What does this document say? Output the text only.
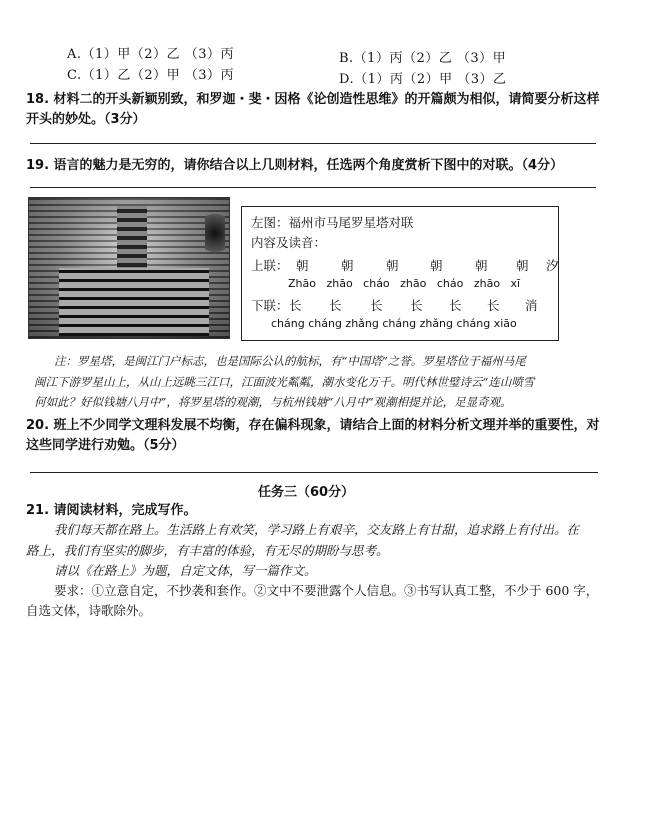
A.（1）甲（2）乙 （3）丙	B.（1）丙（2）乙 （3）甲
C.（1）乙（2）甲 （3）丙	D.（1）丙（2）甲 （3）乙
18. 材料二的开头新颖别致，和罗迦・斐・因格《论创造性思维》的开篇颇为相似，请简要分析这样
开头的妙处。（3分）
19. 语言的魅力是无穷的，请你结合以上几则材料，任选两个角度赏析下图中的对联。（4分）
左图：福州市马尾罗星塔对联
内容及读音：
上联： 朝	朝	朝	朝	朝 朝 汐
Zhāo   zhāo   cháo   zhāo   cháo   zhāo   xī
下联： 长 长 长 长 长 长 消
cháng cháng zhǎng cháng zhǎng cháng xiāo
注：罗星塔，是闽江门户标志，也是国际公认的航标，有“中国塔”之誉。罗星塔位于福州马尾
闽江下游罗星山上，从山上远眺三江口，江面波光粼粼，潮水变化万千。明代林世璧诗云“连山喷雪
何如此？好似钱塘八月中”，将罗星塔的观潮，与杭州钱塘“八月中”观潮相提并论，足显奇观。
20. 班上不少同学文理科发展不均衡，存在偏科现象，请结合上面的材料分析文理并举的重要性，对
这些同学进行劝勉。（5分）
任务三（60分）
21. 请阅读材料，完成写作。
我们每天都在路上。生活路上有欢笑，学习路上有艰辛，交友路上有甘甜，追求路上有付出。在
路上，我们有坚实的脚步，有丰富的体验，有无尽的期盼与思考。
请以《在路上》为题，自定文体，写一篇作文。
要求：①立意自定，不抄袭和套作。②文中不要泄露个人信息。③书写认真工整，不少于 600 字，
自选文体，诗歌除外。
